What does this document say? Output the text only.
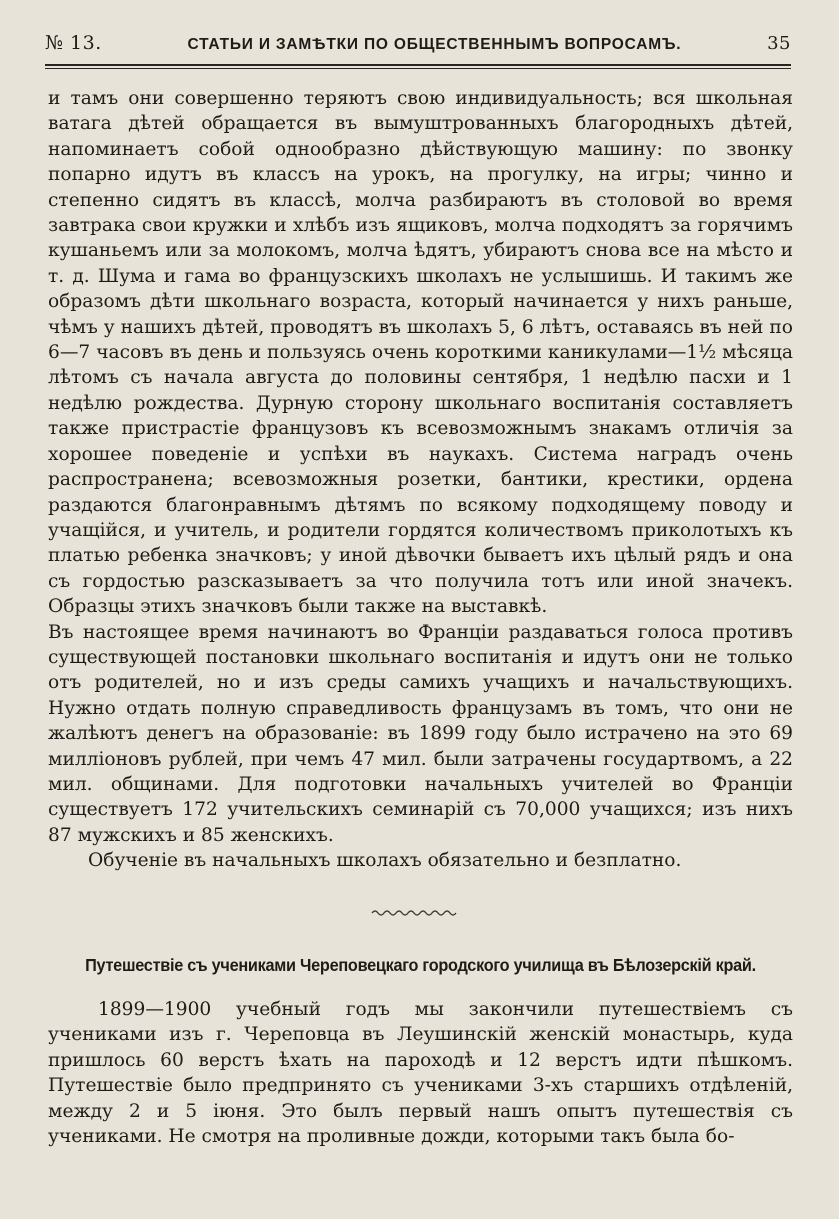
№ 13.	СТАТЬИ И ЗАМѢТКИ ПО ОБЩЕСТВЕННЫМЪ ВОПРОСАМЪ.	35

и тамъ они совершенно теряютъ свою индивидуальность; вся школьная ватага дѣтей обращается въ вымуштрованныхъ благородныхъ дѣтей, напоминаетъ собой однообразно дѣйствующую машину: по звонку попарно идутъ въ классъ на урокъ, на прогулку, на игры; чинно и степенно сидятъ въ классѣ, молча разбираютъ въ столовой во время завтрака свои кружки и хлѣбъ изъ ящиковъ, молча подходятъ за горячимъ кушаньемъ или за молокомъ, молча ѣдятъ, убираютъ снова все на мѣсто и т. д. Шума и гама во французскихъ школахъ не услышишь. И такимъ же образомъ дѣти школьнаго возраста, который начинается у нихъ раньше, чѣмъ у нашихъ дѣтей, проводятъ въ школахъ 5, 6 лѣтъ, оставаясь въ ней по 6—7 часовъ въ день и пользуясь очень короткими каникулами—1½ мѣсяца лѣтомъ съ начала августа до половины сентября, 1 недѣлю пасхи и 1 недѣлю рождества. Дурную сторону школьнаго воспитанія составляетъ также пристрастіе французовъ къ всевозможнымъ знакамъ отличія за хорошее поведеніе и успѣхи въ наукахъ. Система наградъ очень распространена; всевозможныя розетки, бантики, крестики, ордена раздаются благонравнымъ дѣтямъ по всякому подходящему поводу и учащійся, и учитель, и родители гордятся количествомъ приколотыхъ къ платью ребенка значковъ; у иной дѣвочки бываетъ ихъ цѣлый рядъ и она съ гордостью разсказываетъ за что получила тотъ или иной значекъ. Образцы этихъ значковъ были также на выставкѣ.

Въ настоящее время начинаютъ во Франціи раздаваться голоса противъ существующей постановки школьнаго воспитанія и идутъ они не только отъ родителей, но и изъ среды самихъ учащихъ и начальствующихъ. Нужно отдать полную справедливость французамъ въ томъ, что они не жалѣютъ денегъ на образованіе: въ 1899 году было истрачено на это 69 милліоновъ рублей, при чемъ 47 мил. были затрачены государтвомъ, а 22 мил. общинами. Для подготовки начальныхъ учителей во Франціи существуетъ 172 учительскихъ семинарій съ 70,000 учащихся; изъ нихъ 87 мужскихъ и 85 женскихъ.

Обученіе въ начальныхъ школахъ обязательно и безплатно.

Путешествіе съ учениками Череповецкаго городского училища въ Бѣлозерскій край.

1899—1900 учебный годъ мы закончили путешествіемъ съ учениками изъ г. Череповца въ Леушинскій женскій монастырь, куда пришлось 60 верстъ ѣхать на пароходѣ и 12 верстъ идти пѣшкомъ. Путешествіе было предпринято съ учениками 3-хъ старшихъ отдѣленій, между 2 и 5 іюня. Это былъ первый нашъ опытъ путешествія съ учениками. Не смотря на проливные дожди, которыми такъ была бо-
